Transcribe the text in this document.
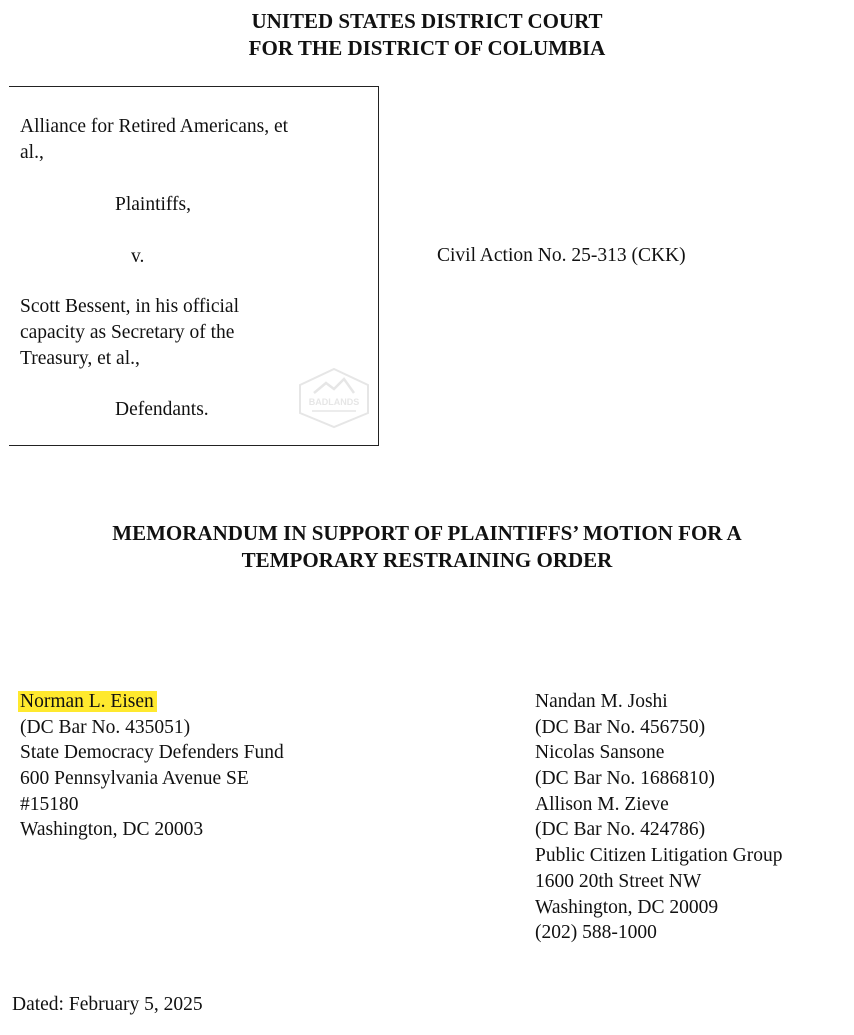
UNITED STATES DISTRICT COURT
FOR THE DISTRICT OF COLUMBIA
Alliance for Retired Americans, et
al.,
Plaintiffs,
v.
Scott Bessent, in his official
capacity as Secretary of the
Treasury, et al.,
Defendants.	BADLANDS
Civil Action No. 25-313 (CKK)
MEMORANDUM IN SUPPORT OF PLAINTIFFS’ MOTION FOR A
TEMPORARY RESTRAINING ORDER
Norman L. Eisen
(DC Bar No. 435051)
State Democracy Defenders Fund
600 Pennsylvania Avenue SE
#15180
Washington, DC 20003
Nandan M. Joshi
(DC Bar No. 456750)
Nicolas Sansone
(DC Bar No. 1686810)
Allison M. Zieve
(DC Bar No. 424786)
Public Citizen Litigation Group
1600 20th Street NW
Washington, DC 20009
(202) 588-1000
Dated: February 5, 2025
